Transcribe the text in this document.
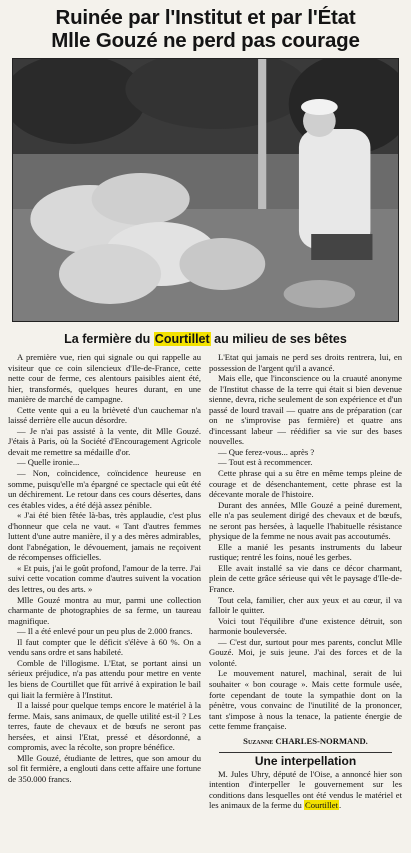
Ruinée par l'Institut et par l'État
Mlle Gouzé ne perd pas courage

La fermière du Courtillet au milieu de ses bêtes

A première vue, rien qui signale ou qui rappelle au visiteur que ce coin silencieux d'Ile-de-France, cette nette cour de ferme, ces alentours paisibles aient été, hier, transformés, quelques heures durant, en une manière de marché de campagne.

Cette vente qui a eu la brièveté d'un cauchemar n'a laissé derrière elle aucun désordre.

— Je n'ai pas assisté à la vente, dit Mlle Gouzé. J'étais à Paris, où la Société d'Encouragement Agricole devait me remettre sa médaille d'or.

— Quelle ironie...

— Non, coïncidence, coïncidence heureuse en somme, puisqu'elle m'a épargné ce spectacle qui eût été un déchirement. Le retour dans ces cours désertes, dans ces étables vides, a été déjà assez pénible.

« J'ai été bien fêtée là-bas, très applaudie, c'est plus d'honneur que cela ne vaut. « Tant d'autres femmes luttent d'une autre manière, il y a des mères admirables, dont l'abnégation, le dévouement, jamais ne reçoivent de récompenses officielles.

« Et puis, j'ai le goût profond, l'amour de la terre. J'ai suivi cette vocation comme d'autres suivent la vocation des lettres, ou des arts. »

Mlle Gouzé montra au mur, parmi une collection charmante de photographies de sa ferme, un taureau magnifique.

— Il a été enlevé pour un peu plus de 2.000 francs.

Il faut compter que le déficit s'élève à 60 %. On a vendu sans ordre et sans habileté.

Comble de l'illogisme. L'Etat, se portant ainsi un sérieux préjudice, n'a pas attendu pour mettre en vente les biens de Courtillet que fût arrivé à expiration le bail qui liait la fermière à l'Institut.

Il a laissé pour quelque temps encore le matériel à la ferme. Mais, sans animaux, de quelle utilité est-il ? Les terres, faute de chevaux et de bœufs ne seront pas hersées, et ainsi l'Etat, pressé et désordonné, a compromis, avec la récolte, son propre bénéfice.

Mlle Gouzé, étudiante de lettres, que son amour du sol fit fermière, a englouti dans cette affaire une fortune de 350.000 francs.

L'Etat qui jamais ne perd ses droits rentrera, lui, en possession de l'argent qu'il a avancé.

Mais elle, que l'inconscience ou la cruauté anonyme de l'Institut chasse de la terre qui était si bien devenue sienne, devra, riche seulement de son expérience et d'un passé de lourd travail — quatre ans de préparation (car on ne s'improvise pas fermière) et quatre ans d'incessant labeur — réédifier sa vie sur des bases nouvelles.

— Que ferez-vous... après ?

— Tout est à recommencer.

Cette phrase qui a su être en même temps pleine de courage et de désenchantement, cette phrase est la décevante morale de l'histoire.

Durant des années, Mlle Gouzé a peiné durement, elle n'a pas seulement dirigé des chevaux et de bœufs, ne seront pas hersées, à laquelle l'habituelle résistance physique de la femme ne nous avait pas accoutumés.

Elle a manié les pesants instruments du labeur rustique; rentré les foins, noué les gerbes.

Elle avait installé sa vie dans ce décor charmant, plein de cette grâce sérieuse qui vêt le paysage d'Ile-de-France.

Tout cela, familier, cher aux yeux et au cœur, il va falloir le quitter.

Voici tout l'équilibre d'une existence détruit, son harmonie bouleversée.

— C'est dur, surtout pour mes parents, conclut Mlle Gouzé. Moi, je suis jeune. J'ai des forces et de la volonté.

Le mouvement naturel, machinal, serait de lui souhaiter « bon courage ». Mais cette formule usée, forte cependant de toute la sympathie dont on la pénètre, vous convainc de l'inutilité de la prononcer, tant s'impose à nous la tenace, la patiente énergie de cette femme française.

Suzanne CHARLES-NORMAND.

Une interpellation

M. Jules Uhry, député de l'Oise, a annoncé hier son intention d'interpeller le gouvernement sur les conditions dans lesquelles ont été vendus le matériel et les animaux de la ferme du Courtillet.
